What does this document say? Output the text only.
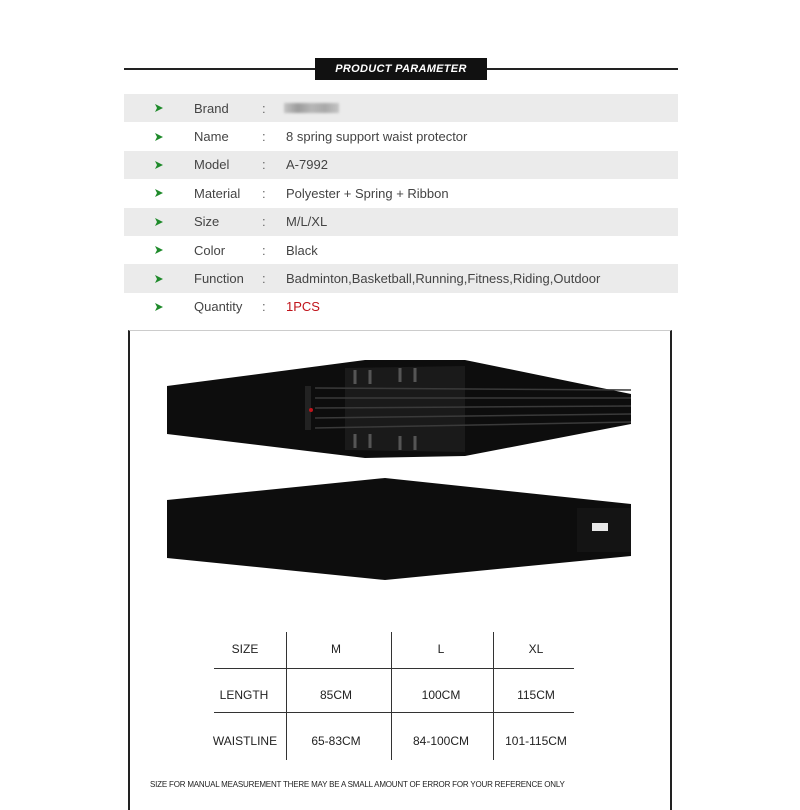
PRODUCT PARAMETER
Brand	:
Name	: 8 spring support waist protector
Model	: A-7992
Material : Polyester + Spring + Ribbon
Size	: M/L/XL
Color	: Black
Function : Badminton,Basketball,Running,Fitness,Riding,Outdoor
Quantity : 1PCS
SIZE	M	L	XL
LENGTH	85CM	100CM	115CM
WAISTLINE	65-83CM	84-100CM	101-115CM
SIZE FOR MANUAL MEASUREMENT THERE MAY BE A SMALL AMOUNT OF ERROR FOR YOUR REFERENCE ONLY
